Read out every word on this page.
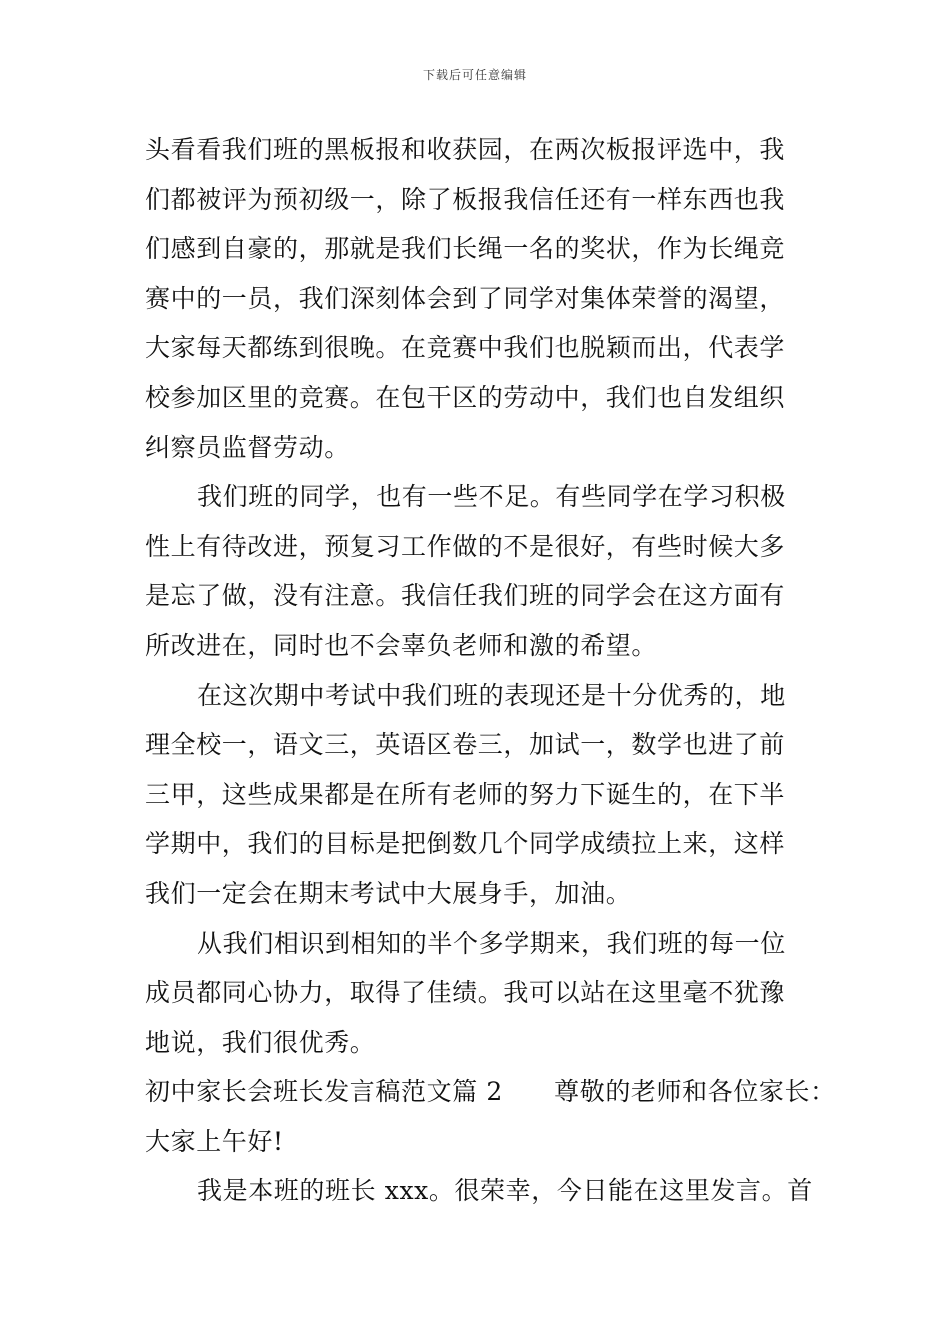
下载后可任意编辑
头看看我们班的黑板报和收获园，在两次板报评选中，我
们都被评为预初级一，除了板报我信任还有一样东西也我
们感到自豪的，那就是我们长绳一名的奖状，作为长绳竞
赛中的一员，我们深刻体会到了同学对集体荣誉的渴望，
大家每天都练到很晚。在竞赛中我们也脱颖而出，代表学
校参加区里的竞赛。在包干区的劳动中，我们也自发组织
纠察员监督劳动。
我们班的同学，也有一些不足。有些同学在学习积极
性上有待改进，预复习工作做的不是很好，有些时候大多
是忘了做，没有注意。我信任我们班的同学会在这方面有
所改进在，同时也不会辜负老师和激的希望。
在这次期中考试中我们班的表现还是十分优秀的，地
理全校一，语文三，英语区卷三，加试一，数学也进了前
三甲，这些成果都是在所有老师的努力下诞生的，在下半
学期中，我们的目标是把倒数几个同学成绩拉上来，这样
我们一定会在期末考试中大展身手，加油。
从我们相识到相知的半个多学期来，我们班的每一位
成员都同心协力，取得了佳绩。我可以站在这里毫不犹豫
地说，我们很优秀。
初中家长会班长发言稿范文篇 2      尊敬的老师和各位家长：
大家上午好!
我是本班的班长 xxx。很荣幸，今日能在这里发言。首
